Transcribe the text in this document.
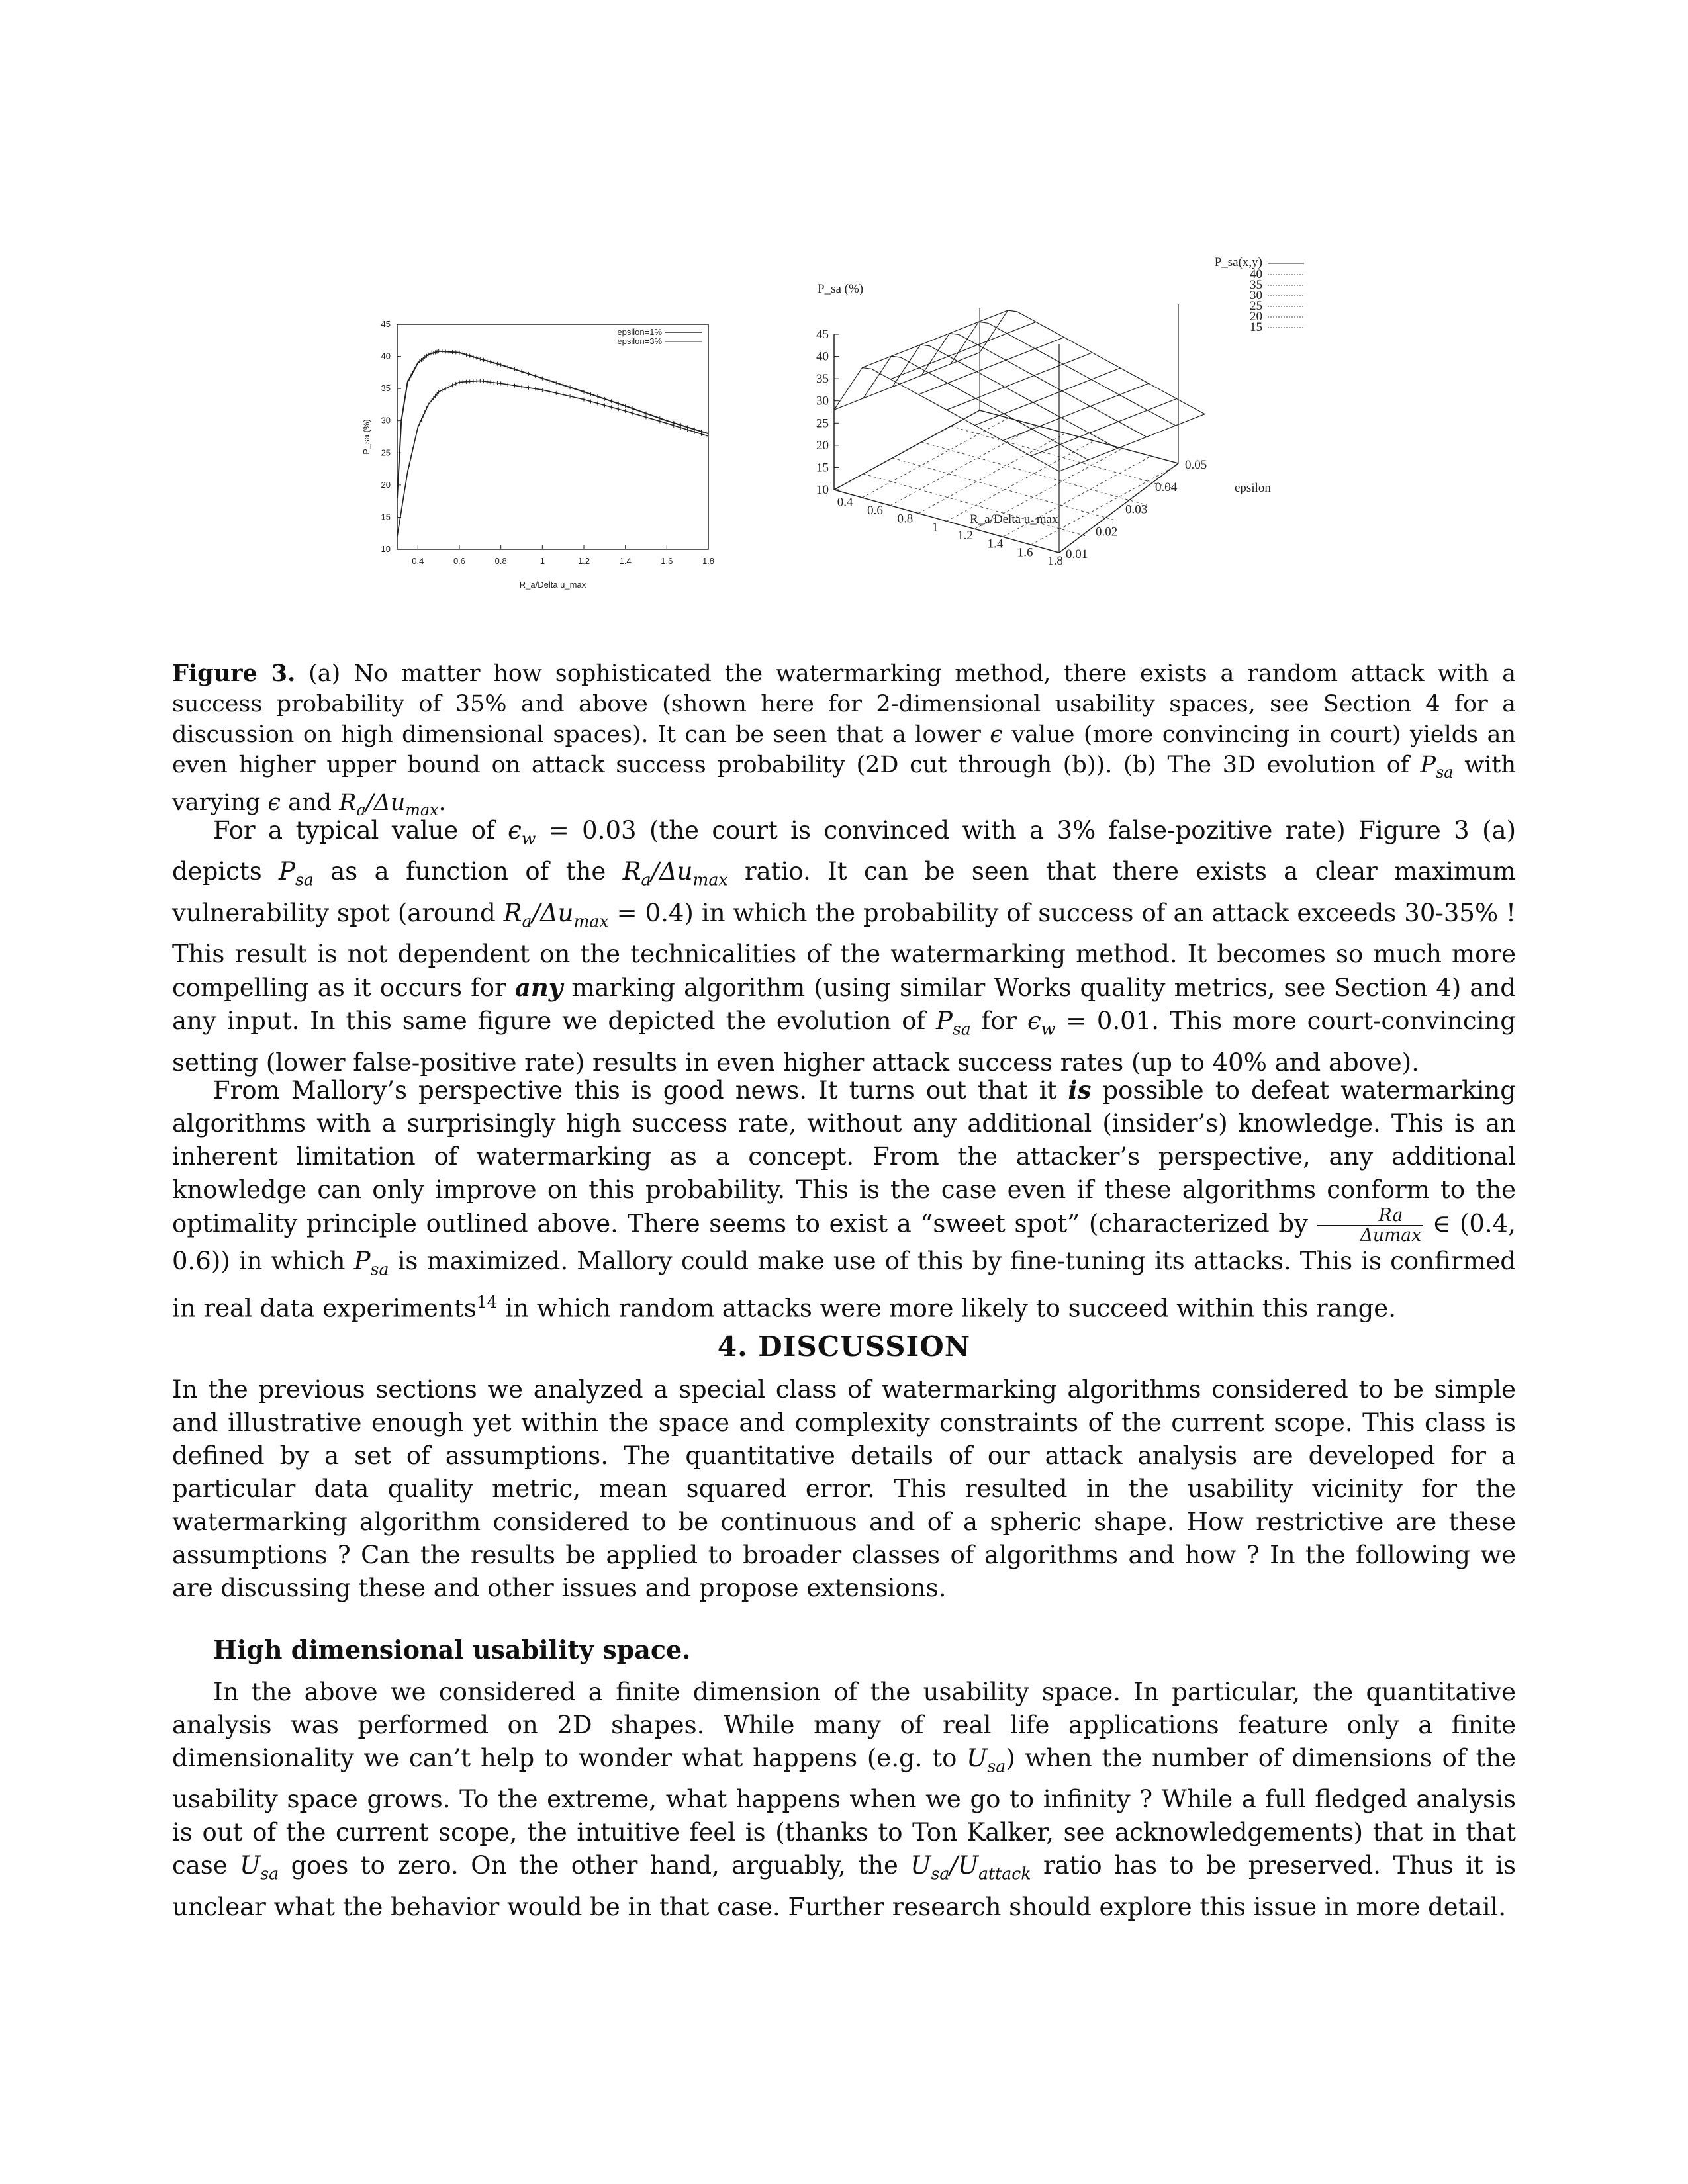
0.4	0.6	0.8	1	1.2	1.4	1.6	1.8
10
15
20
25
30
35
40
45
epsilon=1%
epsilon=3%
R_a/Delta u_max
P_sa (%)
P_sa (%)
10
15
20
25
30
35
40
45
0.4
0.6
0.8
1
1.2
1.4
1.6
1.8 0.01
0.02
0.03
0.04
0.05
R_a/Delta u_max
epsilon
P_sa(x,y)
40
35
30
25
20
15
Figure 3. (a) No matter how sophisticated the watermarking method, there exists a random attack with a success probability of 35% and above (shown here for 2-dimensional usability spaces, see Section 4 for a discussion on high dimensional spaces). It can be seen that a lower ϵ value (more convincing in court) yields an even higher upper bound on attack success probability (2D cut through (b)). (b) The 3D evolution of $P_{sa}$ with varying ϵ and $R_a/\Delta u_{max}$.

For a typical value of $\epsilon_w = 0.03$ (the court is convinced with a 3% false-pozitive rate) Figure 3 (a) depicts $P_{sa}$ as a function of the $R_a/\Delta u_{max}$ ratio. It can be seen that there exists a clear maximum vulnerability spot (around $R_a/\Delta u_{max} = 0.4$) in which the probability of success of an attack exceeds 30-35% ! This result is not dependent on the technicalities of the watermarking method. It becomes so much more compelling as it occurs for any marking algorithm (using similar Works quality metrics, see Section 4) and any input. In this same figure we depicted the evolution of $P_{sa}$ for $\epsilon_w = 0.01$. This more court-convincing setting (lower false-positive rate) results in even higher attack success rates (up to 40% and above).

From Mallory’s perspective this is good news. It turns out that it is possible to defeat watermarking algorithms with a surprisingly high success rate, without any additional (insider’s) knowledge. This is an inherent limitation of watermarking as a concept. From the attacker’s perspective, any additional knowledge can only improve on this probability. This is the case even if these algorithms conform to the optimality principle outlined above. There seems to exist a “sweet spot” (characterized by $\frac{Ra}{\Delta umax}$ ∈ (0.4, 0.6)) in which $P_{sa}$ is maximized. Mallory could make use of this by fine-tuning its attacks. This is confirmed in real data experiments$^{14}$ in which random attacks were more likely to succeed within this range.

4. DISCUSSION

In the previous sections we analyzed a special class of watermarking algorithms considered to be simple and illustrative enough yet within the space and complexity constraints of the current scope. This class is defined by a set of assumptions. The quantitative details of our attack analysis are developed for a particular data quality metric, mean squared error. This resulted in the usability vicinity for the watermarking algorithm considered to be continuous and of a spheric shape. How restrictive are these assumptions ? Can the results be applied to broader classes of algorithms and how ? In the following we are discussing these and other issues and propose extensions.

High dimensional usability space.

In the above we considered a finite dimension of the usability space. In particular, the quantitative analysis was performed on 2D shapes. While many of real life applications feature only a finite dimensionality we can’t help to wonder what happens (e.g. to $U_{sa}$) when the number of dimensions of the usability space grows. To the extreme, what happens when we go to infinity ? While a full fledged analysis is out of the current scope, the intuitive feel is (thanks to Ton Kalker, see acknowledgements) that in that case $U_{sa}$ goes to zero. On the other hand, arguably, the $U_{sa}/U_{attack}$ ratio has to be preserved. Thus it is unclear what the behavior would be in that case. Further research should explore this issue in more detail.
